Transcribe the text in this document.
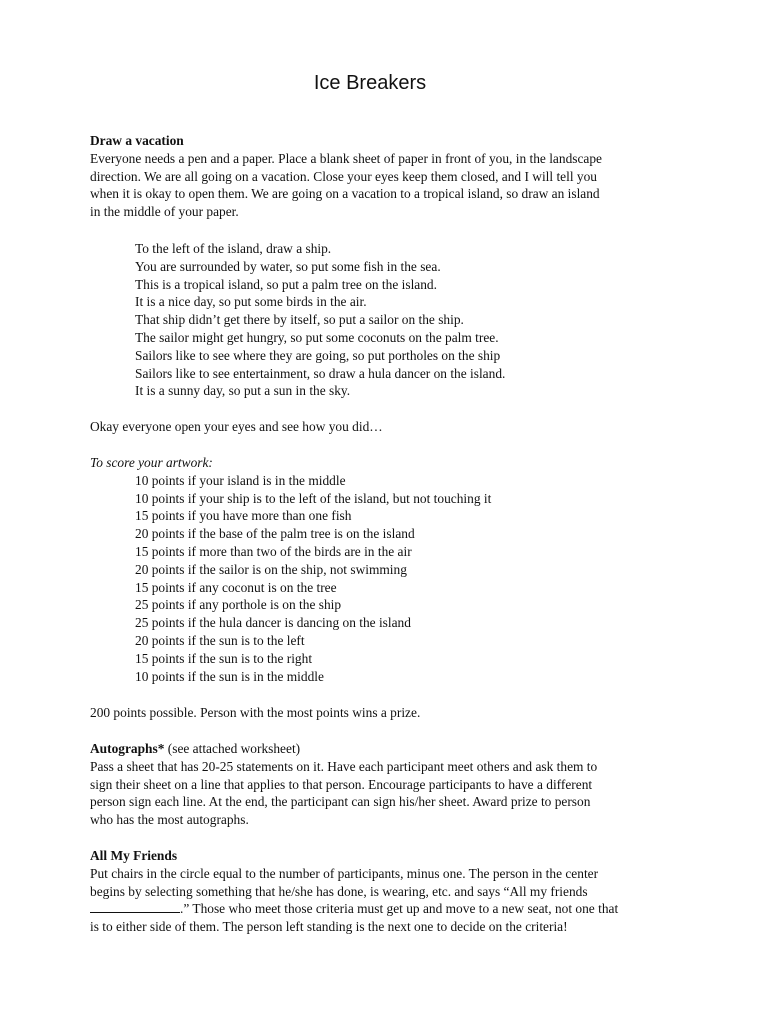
Ice Breakers
Draw a vacation
Everyone needs a pen and a paper. Place a blank sheet of paper in front of you, in the landscape
direction. We are all going on a vacation. Close your eyes keep them closed, and I will tell you
when it is okay to open them. We are going on a vacation to a tropical island, so draw an island
in the middle of your paper.
To the left of the island, draw a ship.
You are surrounded by water, so put some fish in the sea.
This is a tropical island, so put a palm tree on the island.
It is a nice day, so put some birds in the air.
That ship didn’t get there by itself, so put a sailor on the ship.
The sailor might get hungry, so put some coconuts on the palm tree.
Sailors like to see where they are going, so put portholes on the ship
Sailors like to see entertainment, so draw a hula dancer on the island.
It is a sunny day, so put a sun in the sky.
Okay everyone open your eyes and see how you did…
To score your artwork:
10 points if your island is in the middle
10 points if your ship is to the left of the island, but not touching it
15 points if you have more than one fish
20 points if the base of the palm tree is on the island
15 points if more than two of the birds are in the air
20 points if the sailor is on the ship, not swimming
15 points if any coconut is on the tree
25 points if any porthole is on the ship
25 points if the hula dancer is dancing on the island
20 points if the sun is to the left
15 points if the sun is to the right
10 points if the sun is in the middle
200 points possible. Person with the most points wins a prize.
Autographs* (see attached worksheet)
Pass a sheet that has 20-25 statements on it. Have each participant meet others and ask them to
sign their sheet on a line that applies to that person. Encourage participants to have a different
person sign each line. At the end, the participant can sign his/her sheet. Award prize to person
who has the most autographs.
All My Friends
Put chairs in the circle equal to the number of participants, minus one. The person in the center
begins by selecting something that he/she has done, is wearing, etc. and says “All my friends
.” Those who meet those criteria must get up and move to a new seat, not one that
is to either side of them. The person left standing is the next one to decide on the criteria!
